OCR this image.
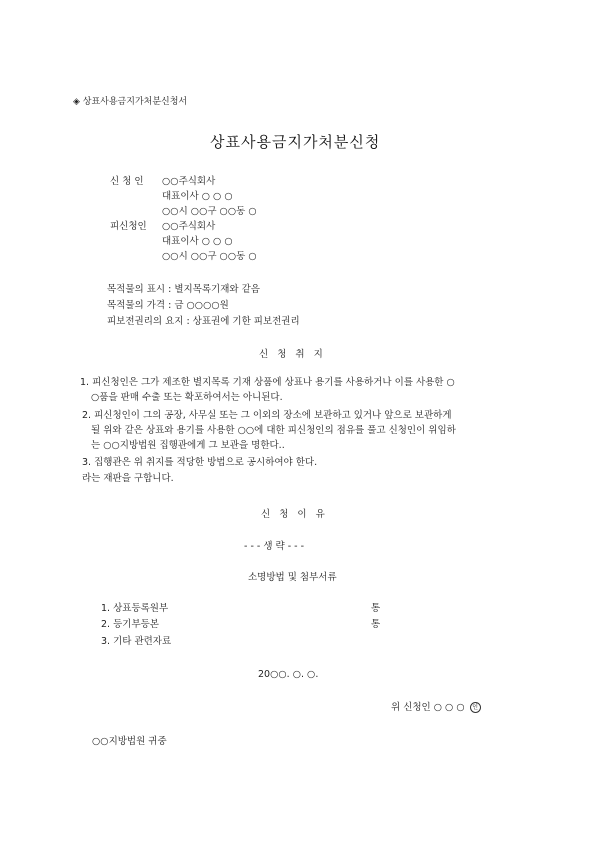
◈ 상표사용금지가처분신청서
상표사용금지가처분신청
신 청 인 ○○주식회사
대표이사 ○ ○ ○
○○시 ○○구 ○○동 ○
피신청인 ○○주식회사
대표이사 ○ ○ ○
○○시 ○○구 ○○동 ○
목적물의 표시 : 별지목록기재와 같음
목적물의 가격 : 금 ○○○○원
피보전권리의 요지 : 상표권에 기한 피보전권리
신 청 취 지
1. 피신청인은 그가 제조한 별지목록 기재 상품에 상표나 용기를 사용하거나 이를 사용한 ○
○품을 판매 수출 또는 확포하여서는 아니된다.
2. 피신청인이 그의 공장, 사무실 또는 그 이외의 장소에 보관하고 있거나 앞으로 보관하게
될 위와 같은 상표와 용기를 사용한 ○○에 대한 피신청인의 점유를 풀고 신청인이 위임하
는 ○○지방법원 집행관에게 그 보관을 명한다..
3. 집행관은 위 취지를 적당한 방법으로 공시하여야 한다.
라는 재판을 구합니다.
신 청 이 유
- - - 생 략 - - -
소명방법 및 첨부서류
1. 상표등록원부	통
2. 등기부등본	통
3. 기타 관련자료
20○○. ○. ○.
위 신청인 ○ ○ ○ 인
○○지방법원 귀중
